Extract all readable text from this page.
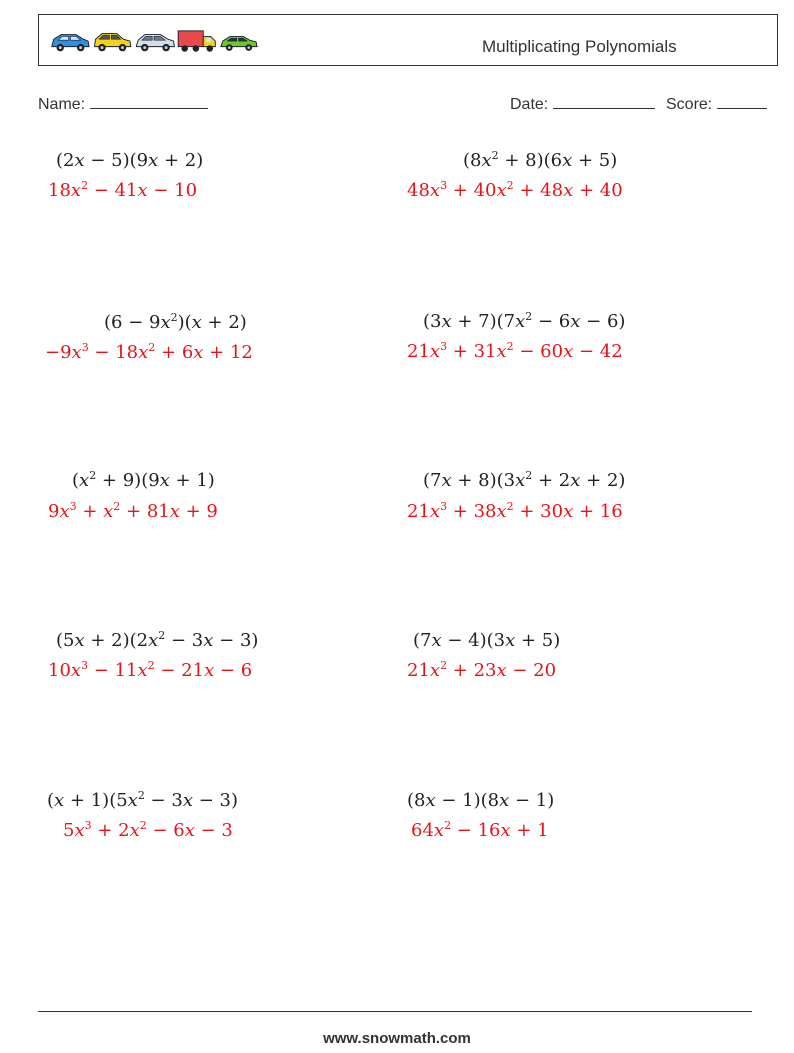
Multiplicating Polynomials
Name:	Date:	Score:
(2x − 5)(9x + 2)
$18x^2 - 41x - 10$
$(8x^2 + 8)(6x + 5)$
$48x^3 + 40x^2 + 48x + 40$
$(6 - 9x^2)(x + 2)$
$-9x^3 - 18x^2 + 6x + 12$
$(3x + 7)(7x^2 - 6x - 6)$
$21x^3 + 31x^2 - 60x - 42$
$(x^2 + 9)(9x + 1)$
$9x^3 + x^2 + 81x + 9$
$(7x + 8)(3x^2 + 2x + 2)$
$21x^3 + 38x^2 + 30x + 16$
$(5x + 2)(2x^2 - 3x - 3)$
$10x^3 - 11x^2 - 21x - 6$
(7x − 4)(3x + 5)
$21x^2 + 23x - 20$
$(x + 1)(5x^2 - 3x - 3)$
$5x^3 + 2x^2 - 6x - 3$
(8x − 1)(8x − 1)
$64x^2 - 16x + 1$
www.snowmath.com
